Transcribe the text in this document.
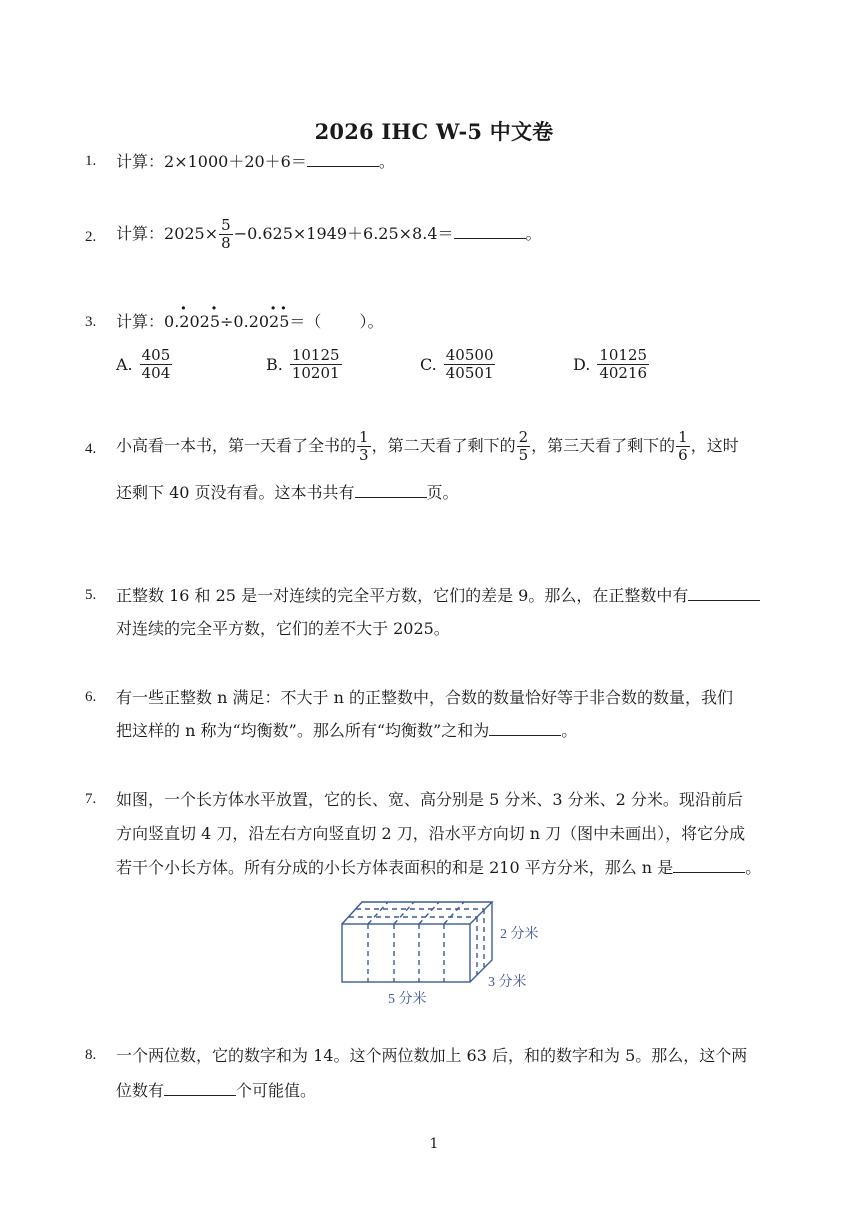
2026 IHC W-5 中文卷
1. 计算：2×1000＋20＋6＝	。
2. 计算：$2025\times \frac{5}{8} -0.625\times 1949+6.25\times 8.4=$	。
3. 计算：0.· 202· 5÷0.20· 2· 5＝（ ）。
A. $\frac{405}{404}$	B. $\frac{10125}{10201}$	C. $\frac{40500}{40501}$	D. $\frac{10125}{40216}$
4. 小高看一本书，第一天看了全书的 $\frac{1}{3}$ ，第二天看了剩下的 $\frac{2}{5}$ ，第三天看了剩下的 $\frac{1}{6}$ ，这时
还剩下 40 页没有看。这本书共有	页。
5. 正整数 16 和 25 是一对连续的完全平方数，它们的差是 9。那么，在正整数中有
对连续的完全平方数，它们的差不大于 2025。
6. 有一些正整数 n 满足：不大于 n 的正整数中，合数的数量恰好等于非合数的数量，我们
把这样的 n 称为“均衡数”。那么所有“均衡数”之和为	。
7. 如图，一个长方体水平放置，它的长、宽、高分别是 5 分米、3 分米、2 分米。现沿前后
方向竖直切 4 刀，沿左右方向竖直切 2 刀，沿水平方向切 n 刀（图中未画出），将它分成
若干个小长方体。所有分成的小长方体表面积的和是 210 平方分米，那么 n 是	。
2 分米
3 分米
5 分米
8. 一个两位数，它的数字和为 14。这个两位数加上 63 后，和的数字和为 5。那么，这个两
位数有	个可能值。
1
